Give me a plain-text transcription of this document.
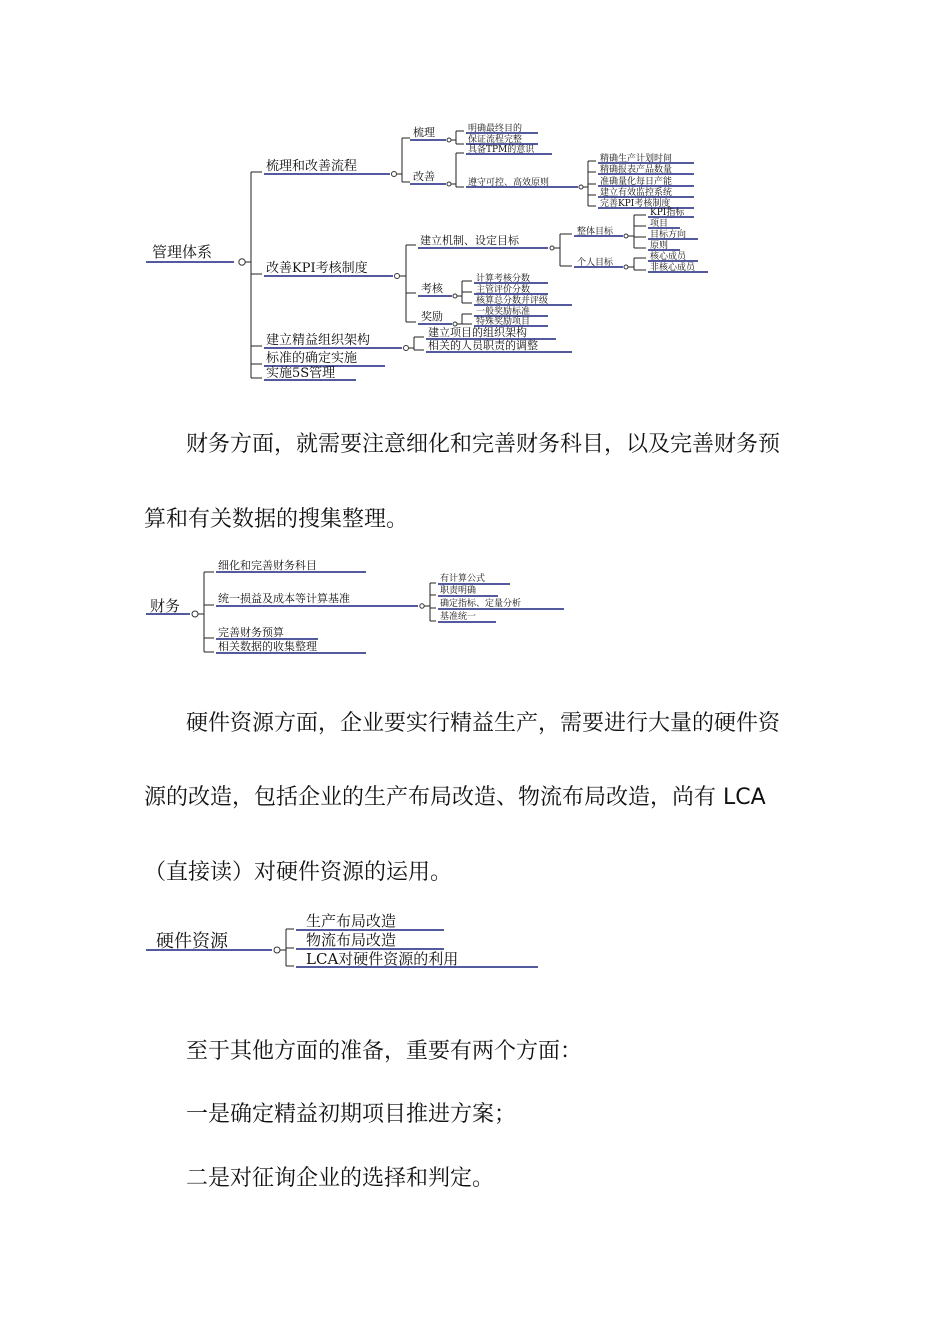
管理体系
梳理和改善流程
梳理	明确最终目的
保证流程完整
改善
具备TPM的意识
遵守可控、高效原则
精确生产计划时间
精确报表产品数量
准确量化每日产能
建立有效监控系统
完善KPI考核制度
改善KPI考核制度
建立机制、设定目标
整体目标
KPI指标
项目
目标方向
原则
个人目标
核心成员
非核心成员
考核
计算考核分数
主管评价分数
核算总分数并评级
奖励	一般奖励标准
特殊奖励项目
建立精益组织架构
建立项目的组织架构
相关的人员职责的调整
标准的确定实施
实施5S管理

财务方面，就需要注意细化和完善财务科目，以及完善财务预

算和有关数据的搜集整理。

财务
细化和完善财务科目
统一损益及成本等计算基准
有计算公式
职责明确
确定指标、定量分析
基准统一
完善财务预算
相关数据的收集整理

硬件资源方面，企业要实行精益生产，需要进行大量的硬件资

源的改造，包括企业的生产布局改造、物流布局改造，尚有 LCA

（直接读）对硬件资源的运用。

硬件资源
生产布局改造
物流布局改造
LCA对硬件资源的利用

至于其他方面的准备，重要有两个方面：

一是确定精益初期项目推进方案；

二是对征询企业的选择和判定。
